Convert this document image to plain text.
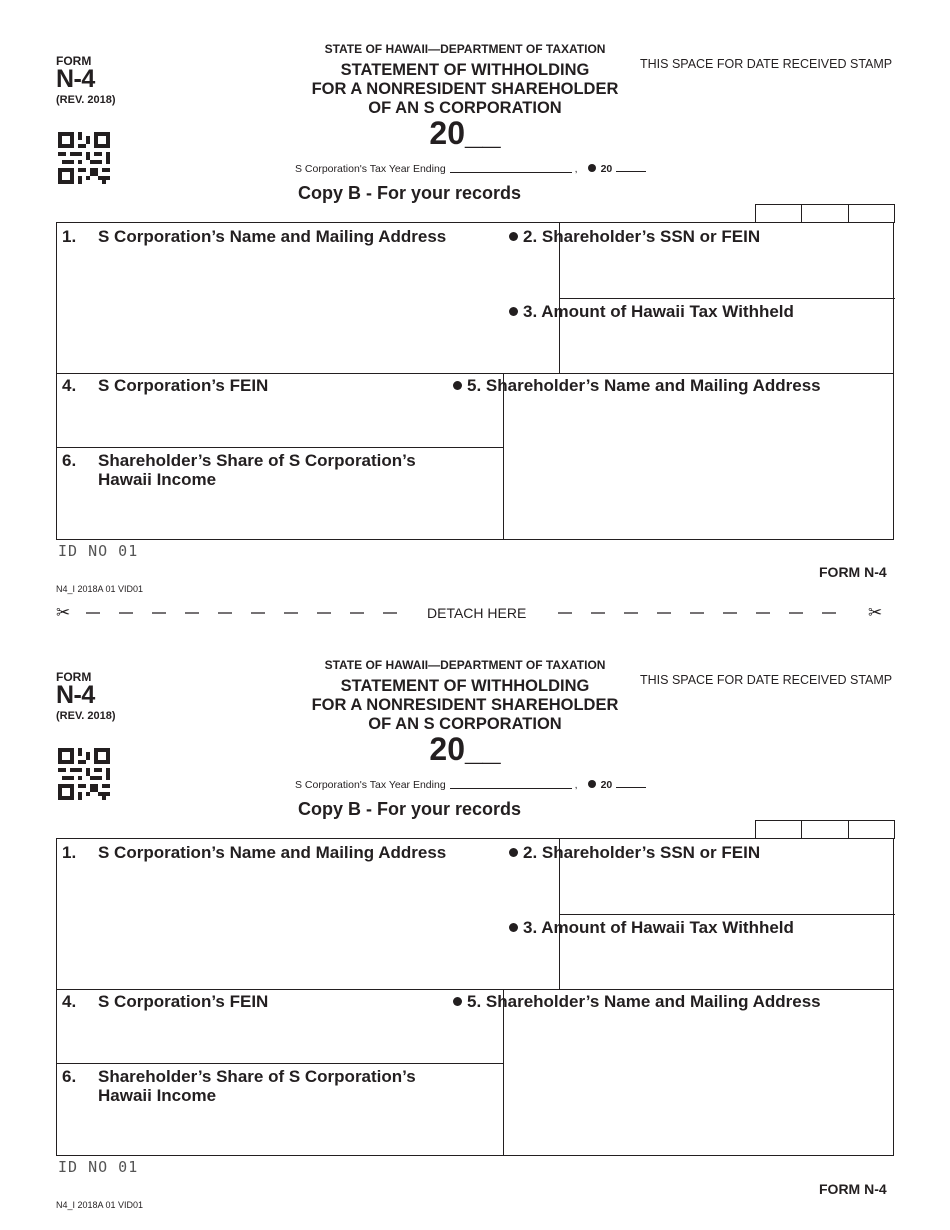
FORM
N-4
(REV. 2018)
STATE OF HAWAII—DEPARTMENT OF TAXATION
STATEMENT OF WITHHOLDING
FOR A NONRESIDENT SHAREHOLDER
OF AN S CORPORATION
20__
THIS SPACE FOR DATE RECEIVED STAMP
S Corporation's Tax Year Ending	, 20
Copy B - For your records
1. S Corporation’s Name and Mailing Address	2. Shareholder’s SSN or FEIN
3. Amount of Hawaii Tax Withheld
4. S Corporation’s FEIN	5. Shareholder’s Name and Mailing Address
6. Shareholder’s Share of S Corporation’s
Hawaii Income
ID NO 01
FORM N-4
N4_I 2018A 01 VID01
✂	DETACH HERE	✂
FORM
N-4
(REV. 2018)
STATE OF HAWAII—DEPARTMENT OF TAXATION
STATEMENT OF WITHHOLDING
FOR A NONRESIDENT SHAREHOLDER
OF AN S CORPORATION
20__
THIS SPACE FOR DATE RECEIVED STAMP
S Corporation's Tax Year Ending	, 20
Copy B - For your records
1. S Corporation’s Name and Mailing Address	2. Shareholder’s SSN or FEIN
3. Amount of Hawaii Tax Withheld
4. S Corporation’s FEIN	5. Shareholder’s Name and Mailing Address
6. Shareholder’s Share of S Corporation’s
Hawaii Income
ID NO 01
FORM N-4
N4_I 2018A 01 VID01
